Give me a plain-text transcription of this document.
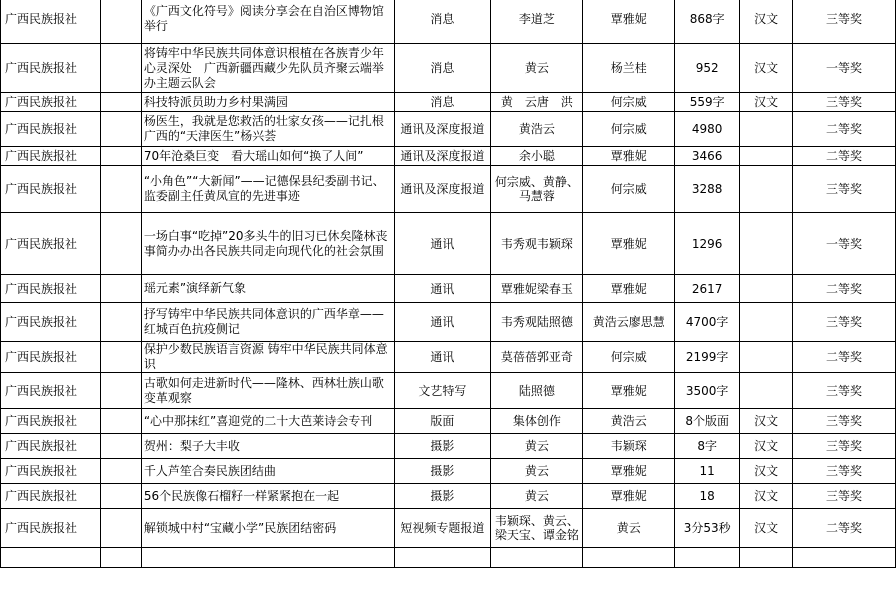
广西民族报社		《广西文化符号》阅读分享会在自治区博物馆举行	消息	李道芝	覃雅妮	868字	汉文	三等奖
广西民族报社		将铸牢中华民族共同体意识根植在各族青少年心灵深处　广西新疆西藏少先队员齐聚云端举办主题云队会	消息	黄云	杨兰桂	952	汉文	一等奖
广西民族报社		科技特派员助力乡村果满园	消息	黄　云唐　洪	何宗威	559字	汉文	三等奖
广西民族报社		杨医生，我就是您救活的壮家女孩——记扎根广西的“天津医生”杨兴荟	通讯及深度报道	黄浩云	何宗威	4980		二等奖
广西民族报社		70年沧桑巨变　看大瑶山如何“换了人间”	通讯及深度报道	余小聪	覃雅妮	3466		二等奖
广西民族报社		“小角色”“大新闻”——记德保县纪委副书记、监委副主任黄凤宣的先进事迹	通讯及深度报道	何宗威、黄静、马慧蓉	何宗威	3288		三等奖
广西民族报社		一场白事“吃掉”20多头牛的旧习已休矣隆林丧事简办办出各民族共同走向现代化的社会氛围	通讯	韦秀观韦颖琛	覃雅妮	1296		一等奖
广西民族报社		瑶元素”演绎新气象	通讯	覃雅妮梁春玉	覃雅妮	2617		二等奖
广西民族报社		抒写铸牢中华民族共同体意识的广西华章——红城百色抗疫侧记	通讯	韦秀观陆照德	黄浩云廖思慧	4700字		三等奖
广西民族报社		保护少数民族语言资源 铸牢中华民族共同体意识	通讯	莫蓓蓓郭亚奇	何宗威	2199字		二等奖
广西民族报社		古歌如何走进新时代——隆林、西林壮族山歌变革观察	文艺特写	陆照德	覃雅妮	3500字		三等奖
广西民族报社		“心中那抹红”喜迎党的二十大芭莱诗会专刊	版面	集体创作	黄浩云	8个版面	汉文	三等奖
广西民族报社		贺州：梨子大丰收	摄影	黄云	韦颖琛	8字	汉文	三等奖
广西民族报社		千人芦笙合奏民族团结曲	摄影	黄云	覃雅妮	11	汉文	三等奖
广西民族报社		56个民族像石榴籽一样紧紧抱在一起	摄影	黄云	覃雅妮	18	汉文	三等奖
广西民族报社		解锁城中村“宝藏小学”民族团结密码	短视频专题报道	韦颖琛、黄云、梁天宝、谭金铭	黄云	3分53秒	汉文	二等奖
